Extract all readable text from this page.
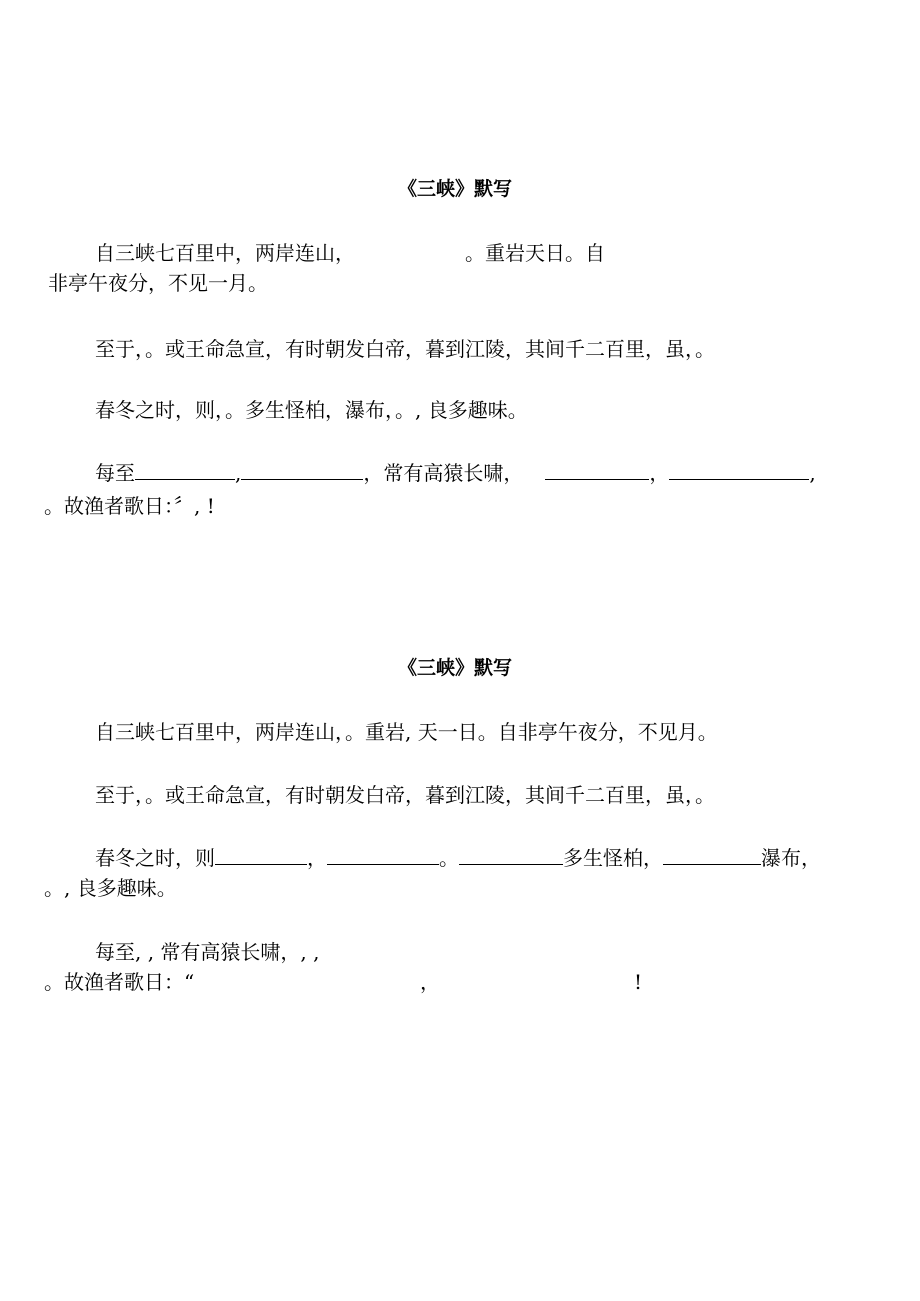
《三峡》默写
自三峡七百里中，两岸连山，　　　　　　。重岩天日。自
非亭午夜分，不见一月。
至于，。或王命急宣，有时朝发白帝，暮到江陵，其间千二百里，虽，。
春冬之时，则，。多生怪柏，瀑布，。, 良多趣味。
每至	,	，常有高猿长啸，	，	,
。故渔者歌日：〞, !
《三峡》默写
自三峡七百里中，两岸连山，。重岩, 天一日。自非亭午夜分，不见月。
至于，。或王命急宣，有时朝发白帝，暮到江陵，其间千二百里，虽，。
春冬之时，则	，	。	多生怪柏，	瀑布，
。, 良多趣味。
每至, , 常有高猿长啸，, ,
。故渔者歌日：“	，	!
